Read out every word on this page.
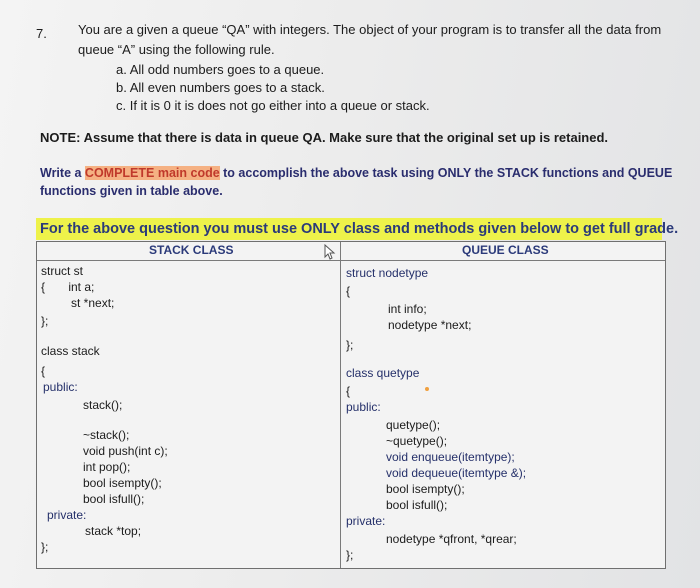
7. You are a given a queue “QA” with integers. The object of your program is to transfer all the data from
queue “A” using the following rule.
a. All odd numbers goes to a queue.
b. All even numbers goes to a stack.
c. If it is 0 it is does not go either into a queue or stack.
NOTE: Assume that there is data in queue QA. Make sure that the original set up is retained.
Write a COMPLETE main code to accomplish the above task using ONLY the STACK functions and QUEUE
functions given in table above.
For the above question you must use ONLY class and methods given below to get full grade.
STACK CLASS	QUEUE CLASS
struct st
{       int a;
st *next;
};
class stack
{
public:
stack();
~stack();
void push(int c);
int pop();
bool isempty();
bool isfull();
private:
stack *top;
};
struct nodetype
{
int info;
nodetype *next;
};
class quetype
{
public:
quetype();
~quetype();
void enqueue(itemtype);
void dequeue(itemtype &);
bool isempty();
bool isfull();
private:
nodetype *qfront, *qrear;
};
